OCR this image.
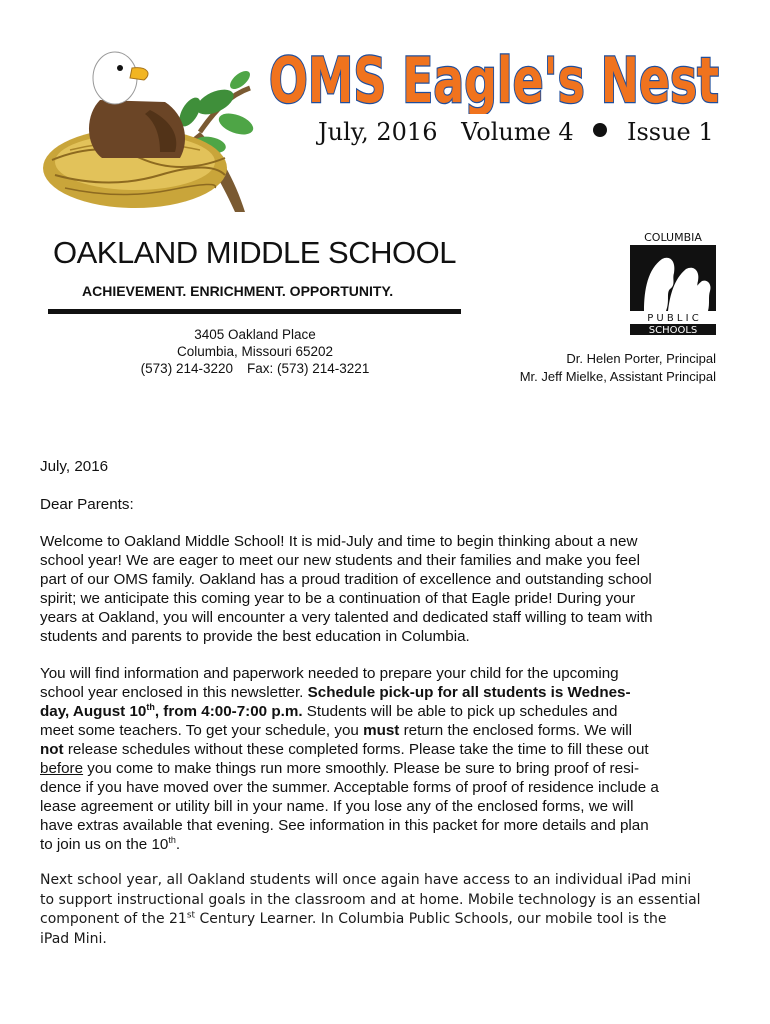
OMS Eagle's Nest
July, 2016 Volume 4 Issue 1
OAKLAND MIDDLE SCHOOL
ACHIEVEMENT. ENRICHMENT. OPPORTUNITY.
3405 Oakland Place
Columbia, Missouri 65202
(573) 214-3220 Fax: (573) 214-3221
COLUMBIA
P U B L I C
SCHOOLS
Dr. Helen Porter, Principal
Mr. Jeff Mielke, Assistant Principal

July, 2016

Dear Parents:

Welcome to Oakland Middle School! It is mid-July and time to begin thinking about a new
school year! We are eager to meet our new students and their families and make you feel
part of our OMS family. Oakland has a proud tradition of excellence and outstanding school
spirit; we anticipate this coming year to be a continuation of that Eagle pride! During your
years at Oakland, you will encounter a very talented and dedicated staff willing to team with
students and parents to provide the best education in Columbia.

You will find information and paperwork needed to prepare your child for the upcoming
school year enclosed in this newsletter. Schedule pick-up for all students is Wednes-
day, August 10th, from 4:00-7:00 p.m. Students will be able to pick up schedules and
meet some teachers. To get your schedule, you must return the enclosed forms. We will
not release schedules without these completed forms. Please take the time to fill these out
before you come to make things run more smoothly. Please be sure to bring proof of resi-
dence if you have moved over the summer. Acceptable forms of proof of residence include a
lease agreement or utility bill in your name. If you lose any of the enclosed forms, we will
have extras available that evening. See information in this packet for more details and plan
to join us on the 10th.

Next school year, all Oakland students will once again have access to an individual iPad mini
to support instructional goals in the classroom and at home. Mobile technology is an essential
component of the 21st Century Learner. In Columbia Public Schools, our mobile tool is the
iPad Mini.
